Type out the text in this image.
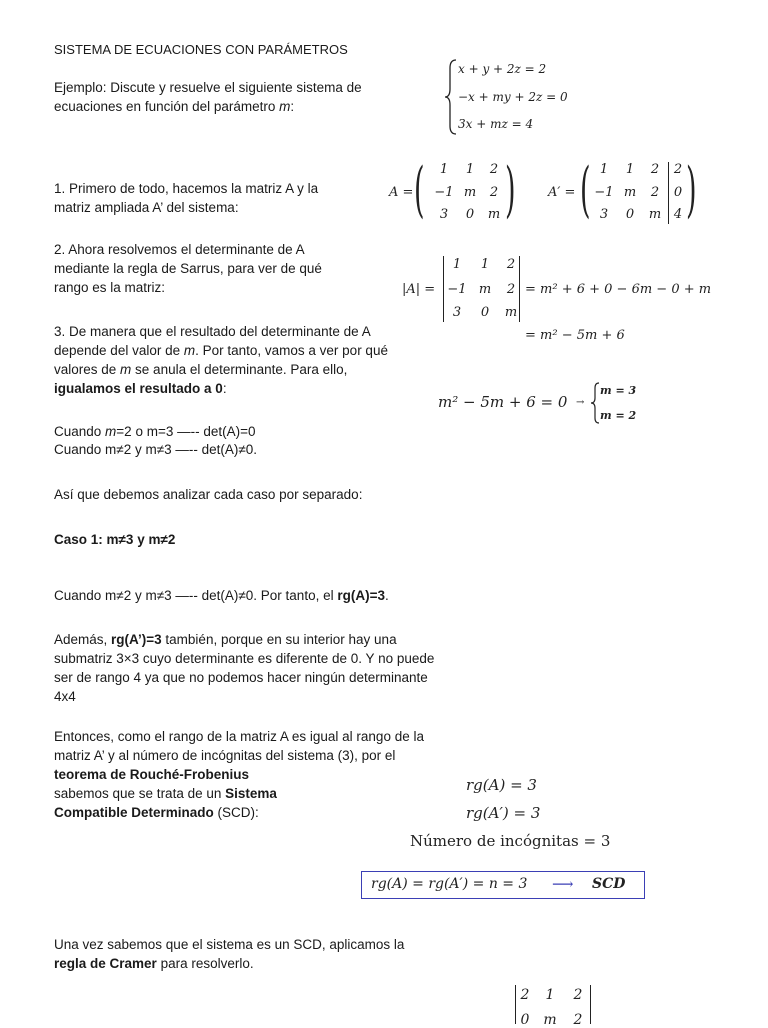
SISTEMA DE ECUACIONES CON PARÁMETROS

Ejemplo: Discute y resuelve el siguiente sistema de ecuaciones en función del parámetro m:

x + y + 2z = 2
−x + my + 2z = 0
3x + mz = 4

1. Primero de todo, hacemos la matriz A y la matriz ampliada A’ del sistema:

A = ( )
1	1	2
−1 m	2
3	0	m
A′ = ( )
1	1	2	2
−1 m	2	0
3	0	m 4

2. Ahora resolvemos el determinante de A mediante la regla de Sarrus, para ver de qué rango es la matriz:	|A| =
1	1	2
−1 m	2
3	0	m
= m² + 6 + 0 − 6m − 0 + m
= m² − 5m + 6

3. De manera que el resultado del determinante de A depende del valor de m. Por tanto, vamos a ver por qué valores de m se anula el determinante. Para ello, igualamos el resultado a 0:

m² − 5m + 6 = 0 →
m = 3
m = 2

Cuando m=2 o m=3 —-- det(A)=0

Cuando m≠2 y m≠3 —-- det(A)≠0.

Así que debemos analizar cada caso por separado:

Caso 1: m≠3 y m≠2

Cuando m≠2 y m≠3 —-- det(A)≠0. Por tanto, el rg(A)=3.

Además, rg(A’)=3 también, porque en su interior hay una submatriz 3×3 cuyo determinante es diferente de 0. Y no puede ser de rango 4 ya que no podemos hacer ningún determinante 4x4

Entonces, como el rango de la matriz A es igual al rango de la matriz A’ y al número de incógnitas del sistema (3), por el
teorema de Rouché-Frobenius
sabemos que se trata de un Sistema
Compatible Determinado (SCD):
rg(A) = 3
rg(A′) = 3
Número de incógnitas = 3
rg(A) = rg(A′) = n = 3 ⟶ SCD
Una vez sabemos que el sistema es un SCD, aplicamos la
regla de Cramer para resolverlo.
2	1	2
0 m	2
